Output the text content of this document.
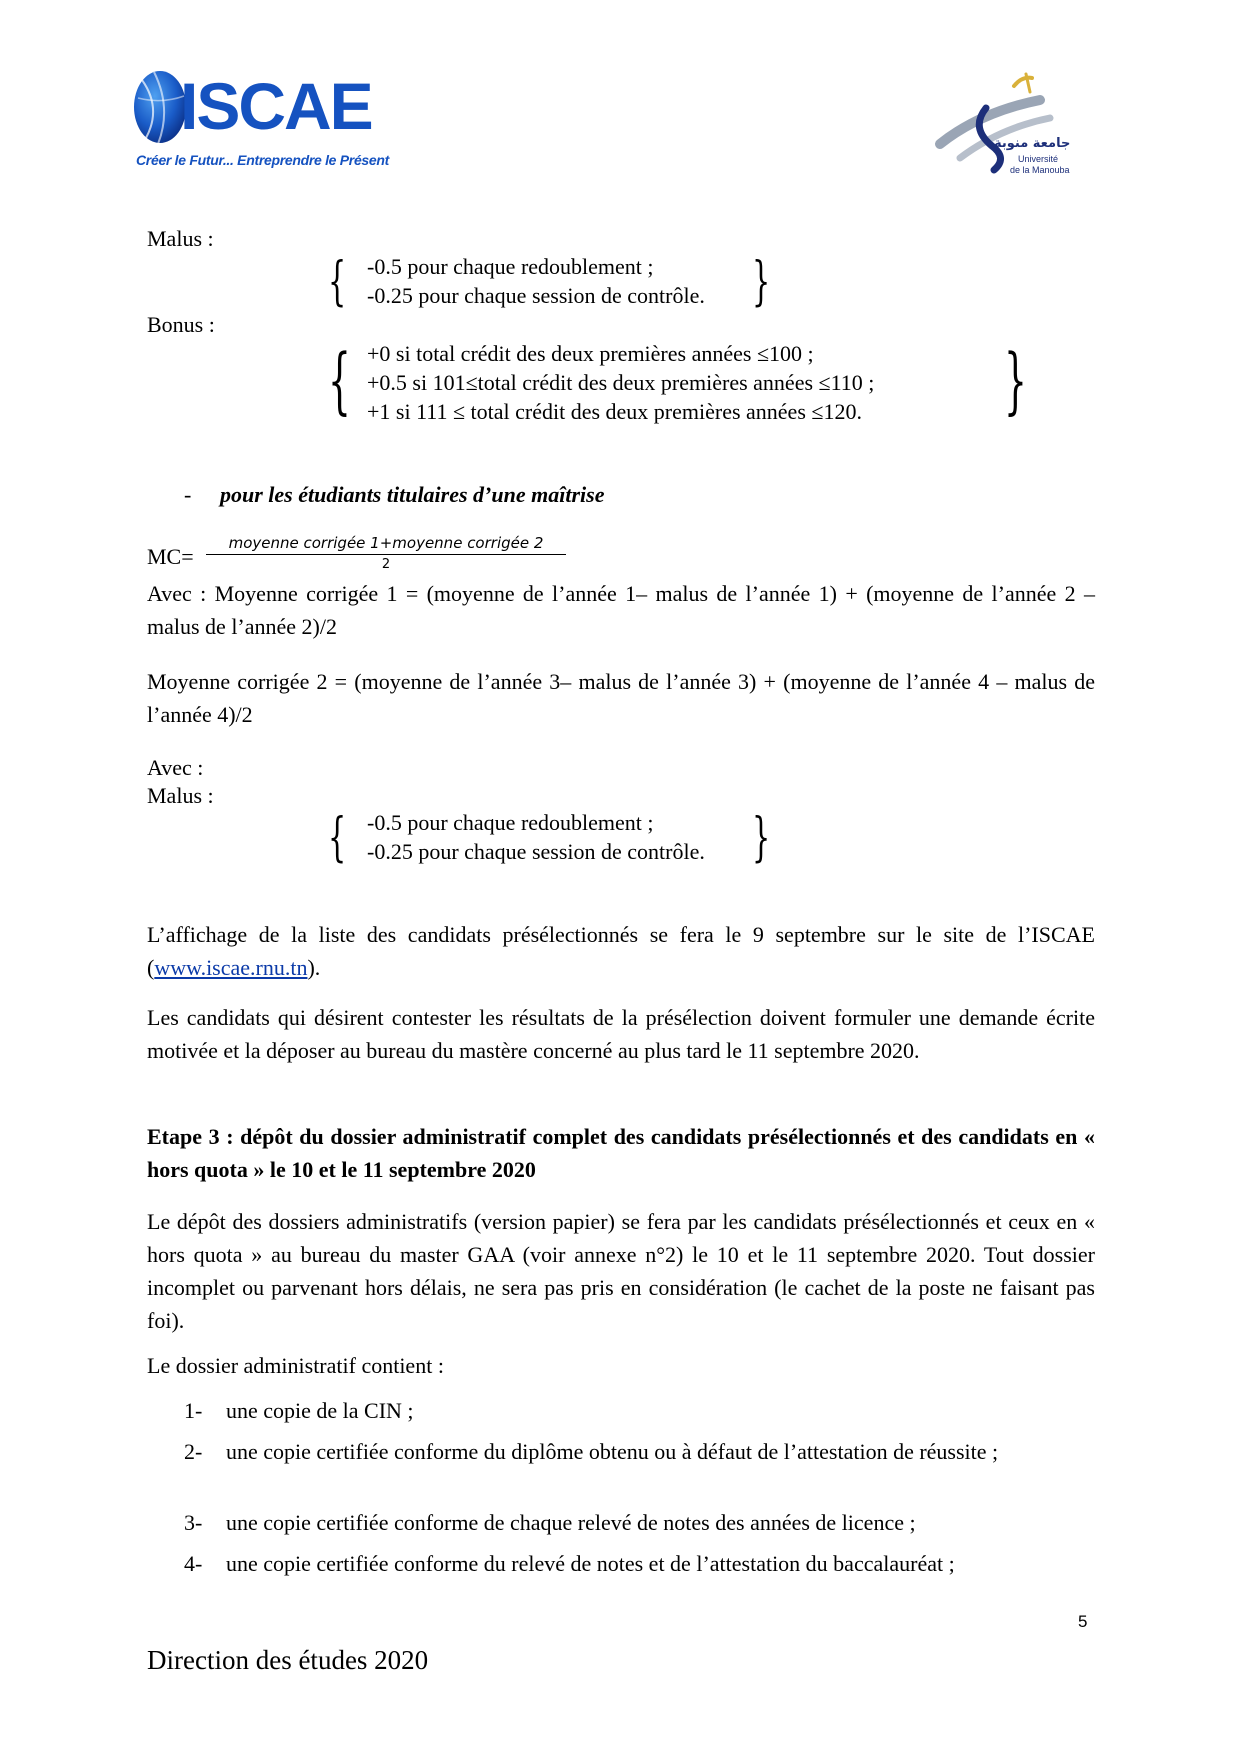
ISCAE
Créer le Futur... Entreprendre le Présent
جامعة منوبة
Université
de la Manouba
Malus :
{ -0.5 pour chaque redoublement ;
-0.25 pour chaque session de contrôle. }
Bonus :
{ +0 si total crédit des deux premières années ≤100 ;
+0.5 si 101≤total crédit des deux premières années ≤110 ;
+1 si 111 ≤ total crédit des deux premières années ≤120. }
- pour les étudiants titulaires d’une maîtrise
MC=
moyenne corrigée 1+moyenne corrigée 2
2
Avec : Moyenne corrigée 1 = (moyenne de l’année 1– malus de l’année 1) + (moyenne de l’année 2 – malus de l’année 2)/2
Moyenne corrigée 2 = (moyenne de l’année 3– malus de l’année 3) + (moyenne de l’année 4 – malus de l’année 4)/2
Avec :
Malus :
{ -0.5 pour chaque redoublement ;
-0.25 pour chaque session de contrôle. }
L’affichage de la liste des candidats présélectionnés se fera le 9 septembre sur le site de l’ISCAE (www.iscae.rnu.tn).
Les candidats qui désirent contester les résultats de la présélection doivent formuler une demande écrite motivée et la déposer au bureau du mastère concerné au plus tard le 11 septembre 2020.
Etape 3 : dépôt du dossier administratif complet des candidats présélectionnés et des candidats en « hors quota » le 10 et le 11 septembre 2020
Le dépôt des dossiers administratifs (version papier) se fera par les candidats présélectionnés et ceux en « hors quota » au bureau du master GAA (voir annexe n°2) le 10 et le 11 septembre 2020. Tout dossier incomplet ou parvenant hors délais, ne sera pas pris en considération (le cachet de la poste ne faisant pas foi).
Le dossier administratif contient :
1-	une copie de la CIN ;
2-	une copie certifiée conforme du diplôme obtenu ou à défaut de l’attestation de réussite ;
3-	une copie certifiée conforme de chaque relevé de notes des années de licence ;
4-	une copie certifiée conforme du relevé de notes et de l’attestation du baccalauréat ;
5
Direction des études 2020
